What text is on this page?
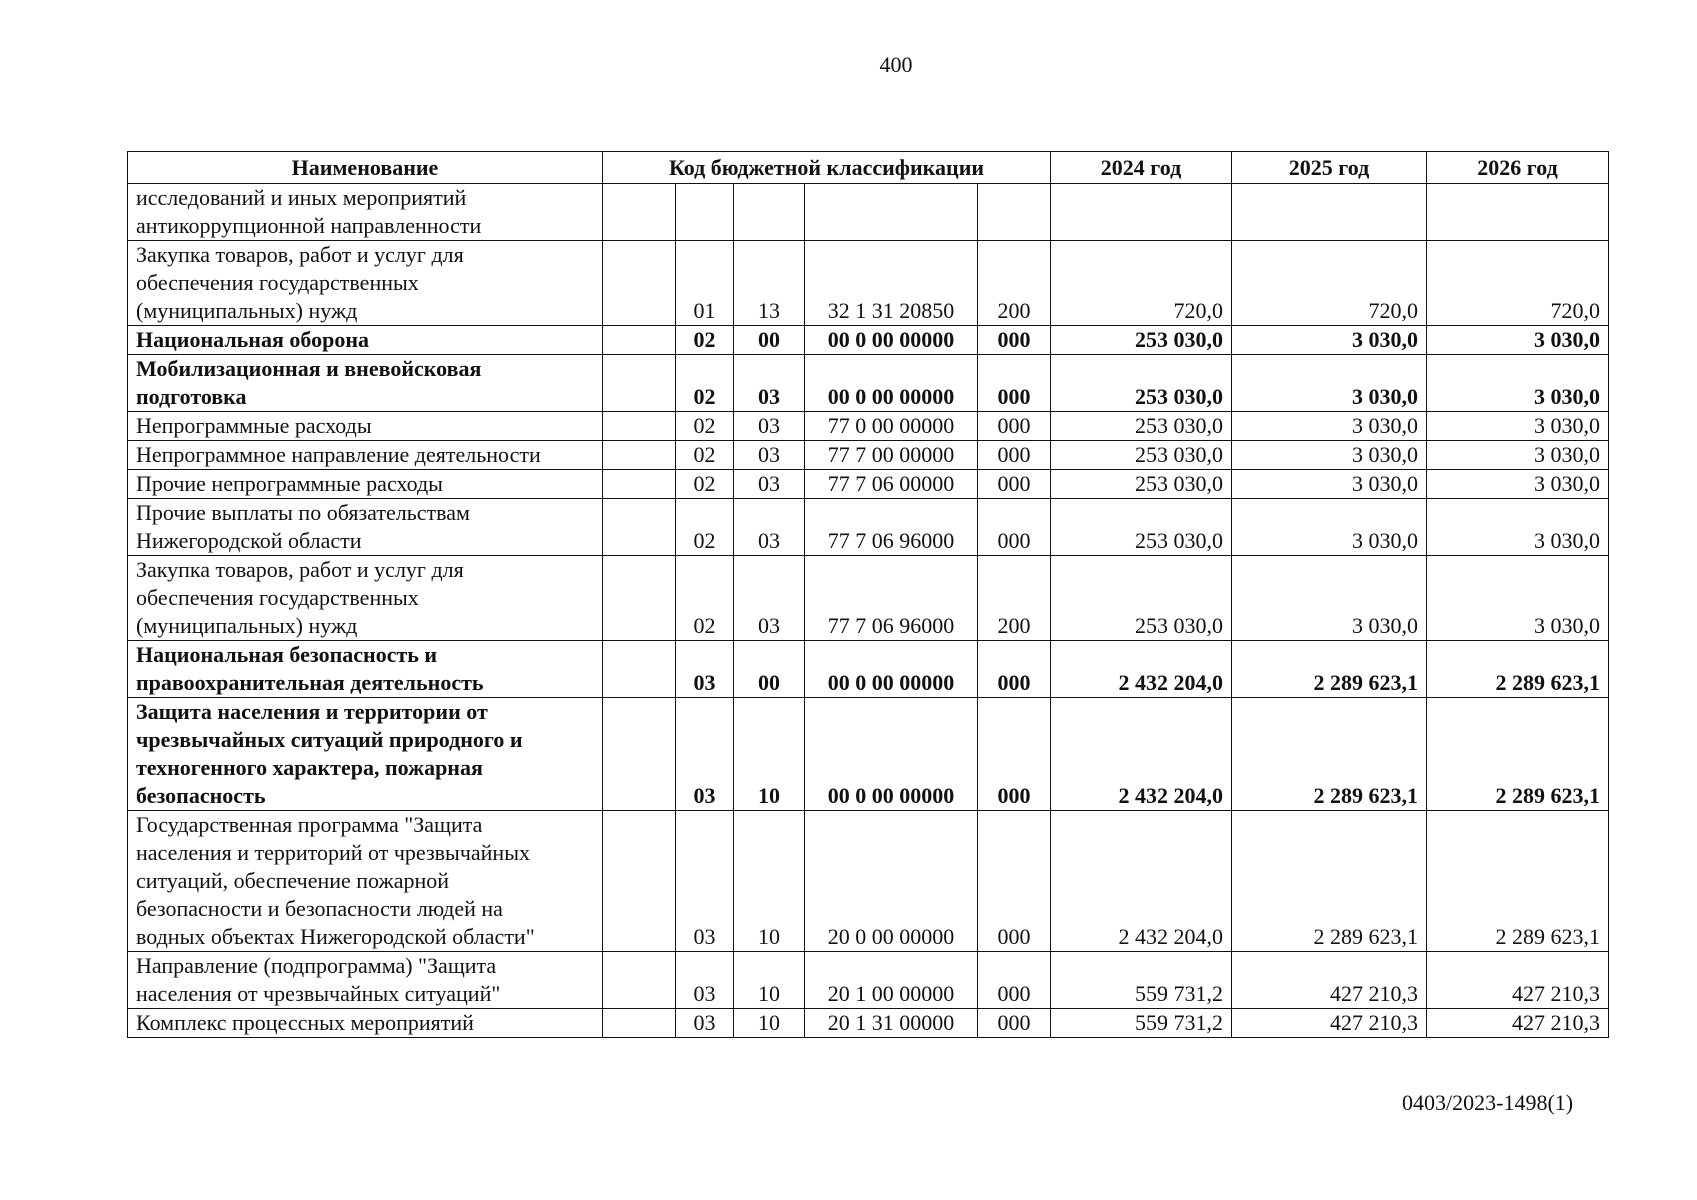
400
Наименование	Код бюджетной классификации					2024 год	2025 год	2026 год

исследований и иных мероприятий
антикоррупционной направленности								

Закупка товаров, работ и услуг для
обеспечения государственных
(муниципальных) нужд		01	13	32 1 31 20850	200	720,0	720,0	720,0

Национальная оборона		02	00	00 0 00 00000	000	253 030,0	3 030,0	3 030,0

Мобилизационная и вневойсковая
подготовка		02	03	00 0 00 00000	000	253 030,0	3 030,0	3 030,0

Непрограммные расходы		02	03	77 0 00 00000	000	253 030,0	3 030,0	3 030,0

Непрограммное направление деятельности		02	03	77 7 00 00000	000	253 030,0	3 030,0	3 030,0

Прочие непрограммные расходы		02	03	77 7 06 00000	000	253 030,0	3 030,0	3 030,0

Прочие выплаты по обязательствам
Нижегородской области		02	03	77 7 06 96000	000	253 030,0	3 030,0	3 030,0

Закупка товаров, работ и услуг для
обеспечения государственных
(муниципальных) нужд		02	03	77 7 06 96000	200	253 030,0	3 030,0	3 030,0

Национальная безопасность и
правоохранительная деятельность		03	00	00 0 00 00000	000	2 432 204,0	2 289 623,1	2 289 623,1

Защита населения и территории от
чрезвычайных ситуаций природного и
техногенного характера, пожарная
безопасность		03	10	00 0 00 00000	000	2 432 204,0	2 289 623,1	2 289 623,1

Государственная программа "Защита
населения и территорий от чрезвычайных
ситуаций, обеспечение пожарной
безопасности и безопасности людей на
водных объектах Нижегородской области"		03	10	20 0 00 00000	000	2 432 204,0	2 289 623,1	2 289 623,1

Направление (подпрограмма) "Защита
населения от чрезвычайных ситуаций"		03	10	20 1 00 00000	000	559 731,2	427 210,3	427 210,3

Комплекс процессных мероприятий		03	10	20 1 31 00000	000	559 731,2	427 210,3	427 210,3
0403/2023-1498(1)
